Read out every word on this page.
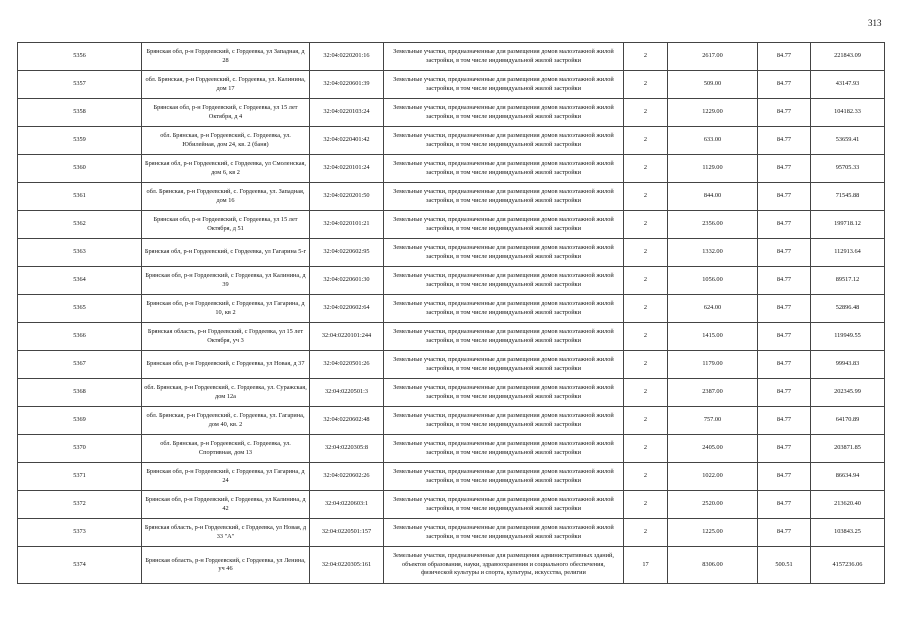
313
5356	Брянская обл, р-н Гордеевский, с Гордеевка, ул Западная, д 28	32:04:0220201:16	Земельные участки, предназначенные для размещения домов малоэтажной жилой застройки, в том числе индивидуальной жилой застройки	2	2617.00	84.77	221843.09
5357	обл. Брянская, р-н Гордеевский, с. Гордеевка, ул. Калинина, дом 17	32:04:0220601:39	Земельные участки, предназначенные для размещения домов малоэтажной жилой застройки, в том числе индивидуальной жилой застройки	2	509.00	84.77	43147.93
5358	Брянская обл, р-н Гордеевский, с Гордеевка, ул 15 лет Октября, д 4	32:04:0220103:24	Земельные участки, предназначенные для размещения домов малоэтажной жилой застройки, в том числе индивидуальной жилой застройки	2	1229.00	84.77	104182.33
5359	обл. Брянская, р-н Гордеевский, с. Гордеевка, ул. Юбилейная, дом 24, кв. 2 (баня)	32:04:0220401:42	Земельные участки, предназначенные для размещения домов малоэтажной жилой застройки, в том числе индивидуальной жилой застройки	2	633.00	84.77	53659.41
5360	Брянская обл, р-н Гордеевский, с Гордеевка, ул Смоленская, дом 6, кв 2	32:04:0220101:24	Земельные участки, предназначенные для размещения домов малоэтажной жилой застройки, в том числе индивидуальной жилой застройки	2	1129.00	84.77	95705.33
5361	обл. Брянская, р-н Гордеевский, с. Гордеевка, ул. Западная, дом 16	32:04:0220201:50	Земельные участки, предназначенные для размещения домов малоэтажной жилой застройки, в том числе индивидуальной жилой застройки	2	844.00	84.77	71545.88
5362	Брянская обл, р-н Гордеевский, с Гордеевка, ул 15 лет Октября, д 51	32:04:0220101:21	Земельные участки, предназначенные для размещения домов малоэтажной жилой застройки, в том числе индивидуальной жилой застройки	2	2356.00	84.77	199718.12
5363	Брянская обл, р-н Гордеевский, с Гордеевка, ул Гагарина 5-г	32:04:0220602:95	Земельные участки, предназначенные для размещения домов малоэтажной жилой застройки, в том числе индивидуальной жилой застройки	2	1332.00	84.77	112913.64
5364	Брянская обл, р-н Гордеевский, с Гордеевка, ул Калинина, д 39	32:04:0220601:30	Земельные участки, предназначенные для размещения домов малоэтажной жилой застройки, в том числе индивидуальной жилой застройки	2	1056.00	84.77	89517.12
5365	Брянская обл, р-н Гордеевский, с Гордеевка, ул Гагарина, д 10, кв 2	32:04:0220602:64	Земельные участки, предназначенные для размещения домов малоэтажной жилой застройки, в том числе индивидуальной жилой застройки	2	624.00	84.77	52896.48
5366	Брянская область, р-н Гордеевский, с Гордеевка, ул 15 лет Октября, уч 3	32:04:0220101:244	Земельные участки, предназначенные для размещения домов малоэтажной жилой застройки, в том числе индивидуальной жилой застройки	2	1415.00	84.77	119949.55
5367	Брянская обл, р-н Гордеевский, с Гордеевка, ул Новая, д 37	32:04:0220501:26	Земельные участки, предназначенные для размещения домов малоэтажной жилой застройки, в том числе индивидуальной жилой застройки	2	1179.00	84.77	99943.83
5368	обл. Брянская, р-н Гордеевский, с. Гордеевка, ул. Суражская, дом 12а	32:04:0220501:3	Земельные участки, предназначенные для размещения домов малоэтажной жилой застройки, в том числе индивидуальной жилой застройки	2	2387.00	84.77	202345.99
5369	обл. Брянская, р-н Гордеевский, с. Гордеевка, ул. Гагарина, дом 40, кв. 2	32:04:0220602:48	Земельные участки, предназначенные для размещения домов малоэтажной жилой застройки, в том числе индивидуальной жилой застройки	2	757.00	84.77	64170.89
5370	обл. Брянская, р-н Гордеевский, с. Гордеевка, ул. Спортивная, дом 13	32:04:0220305:8	Земельные участки, предназначенные для размещения домов малоэтажной жилой застройки, в том числе индивидуальной жилой застройки	2	2405.00	84.77	203871.85
5371	Брянская обл, р-н Гордеевский, с Гордеевка, ул Гагарина, д 24	32:04:0220602:26	Земельные участки, предназначенные для размещения домов малоэтажной жилой застройки, в том числе индивидуальной жилой застройки	2	1022.00	84.77	86634.94
5372	Брянская обл, р-н Гордеевский, с Гордеевка, ул Калинина, д 42	32:04:0220603:1	Земельные участки, предназначенные для размещения домов малоэтажной жилой застройки, в том числе индивидуальной жилой застройки	2	2520.00	84.77	213620.40
5373	Брянская область, р-н Гордеевский, с Гордеевка, ул Новая, д 33 "А"	32:04:0220501:157	Земельные участки, предназначенные для размещения домов малоэтажной жилой застройки, в том числе индивидуальной жилой застройки	2	1225.00	84.77	103843.25
5374	Брянская область, р-н Гордеевский, с Гордеевка, ул Ленина, уч 46	32:04:0220305:161	Земельные участки, предназначенные для размещения административных зданий, объектов образования, науки, здравоохранения и социального обеспечения, физической культуры и спорта, культуры, искусства, религии	17	8306.00	500.51	4157236.06
